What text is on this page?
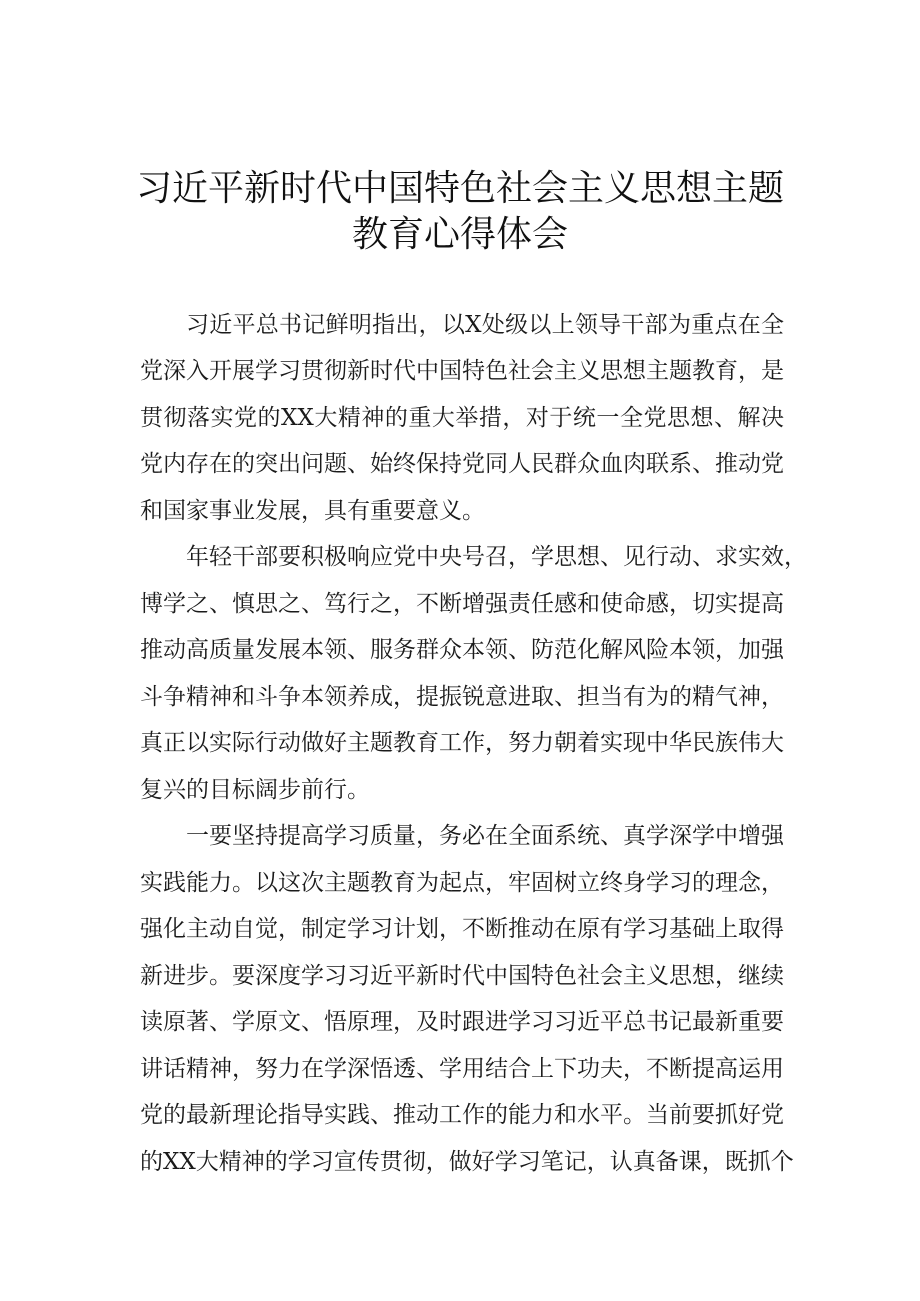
习近平新时代中国特色社会主义思想主题
教育心得体会

习近平总书记鲜明指出，以X处级以上领导干部为重点在全

党深入开展学习贯彻新时代中国特色社会主义思想主题教育，是

贯彻落实党的XX大精神的重大举措，对于统一全党思想、解决

党内存在的突出问题、始终保持党同人民群众血肉联系、推动党

和国家事业发展，具有重要意义。

年轻干部要积极响应党中央号召，学思想、见行动、求实效，

博学之、慎思之、笃行之，不断增强责任感和使命感，切实提高

推动高质量发展本领、服务群众本领、防范化解风险本领，加强

斗争精神和斗争本领养成，提振锐意进取、担当有为的精气神，

真正以实际行动做好主题教育工作，努力朝着实现中华民族伟大

复兴的目标阔步前行。

一要坚持提高学习质量，务必在全面系统、真学深学中增强

实践能力。以这次主题教育为起点，牢固树立终身学习的理念，

强化主动自觉，制定学习计划，不断推动在原有学习基础上取得

新进步。要深度学习习近平新时代中国特色社会主义思想，继续

读原著、学原文、悟原理，及时跟进学习习近平总书记最新重要

讲话精神，努力在学深悟透、学用结合上下功夫，不断提高运用

党的最新理论指导实践、推动工作的能力和水平。当前要抓好党

的XX大精神的学习宣传贯彻，做好学习笔记，认真备课，既抓个
